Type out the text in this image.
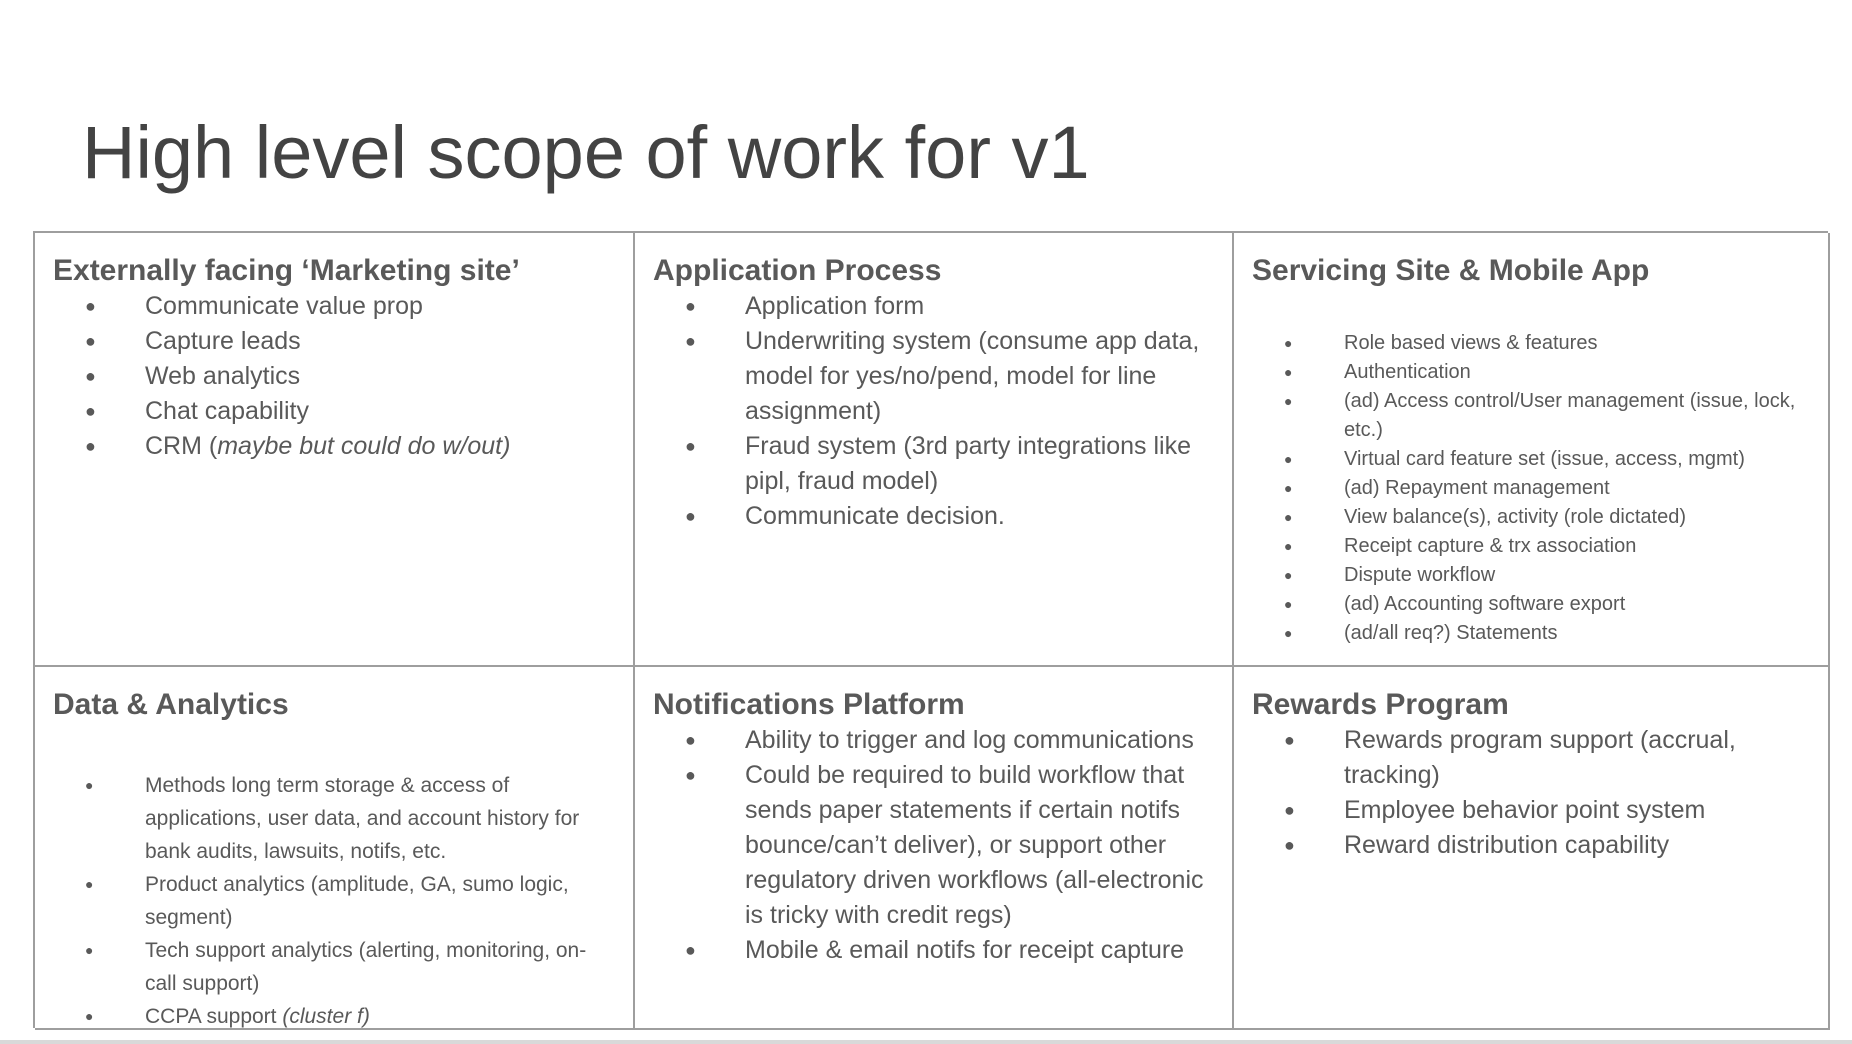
High level scope of work for v1
Externally facing ‘Marketing site’
● Communicate value prop
● Capture leads
● Web analytics
● Chat capability
● CRM (maybe but could do w/out)
Application Process
● Application form
● Underwriting system (consume app data, model for yes/no/pend, model for line assignment)
● Fraud system (3rd party integrations like pipl, fraud model)
● Communicate decision.
Servicing Site & Mobile App
●	Role based views & features
●	Authentication
●	(ad) Access control/User management (issue, lock, etc.)
●	Virtual card feature set (issue, access, mgmt)
●	(ad) Repayment management
●	View balance(s), activity (role dictated)
●	Receipt capture & trx association
●	Dispute workflow
●	(ad) Accounting software export
●	(ad/all req?) Statements
Data & Analytics
● Methods long term storage & access of applications, user data, and account history for bank audits, lawsuits, notifs, etc.
● Product analytics (amplitude, GA, sumo logic, segment)
● Tech support analytics (alerting, monitoring, on-call support)
● CCPA support (cluster f)
Notifications Platform
● Ability to trigger and log communications
● Could be required to build workflow that sends paper statements if certain notifs bounce/can’t deliver), or support other regulatory driven workflows (all-electronic is tricky with credit regs)
● Mobile & email notifs for receipt capture
Rewards Program
● Rewards program support (accrual, tracking)
● Employee behavior point system
● Reward distribution capability
